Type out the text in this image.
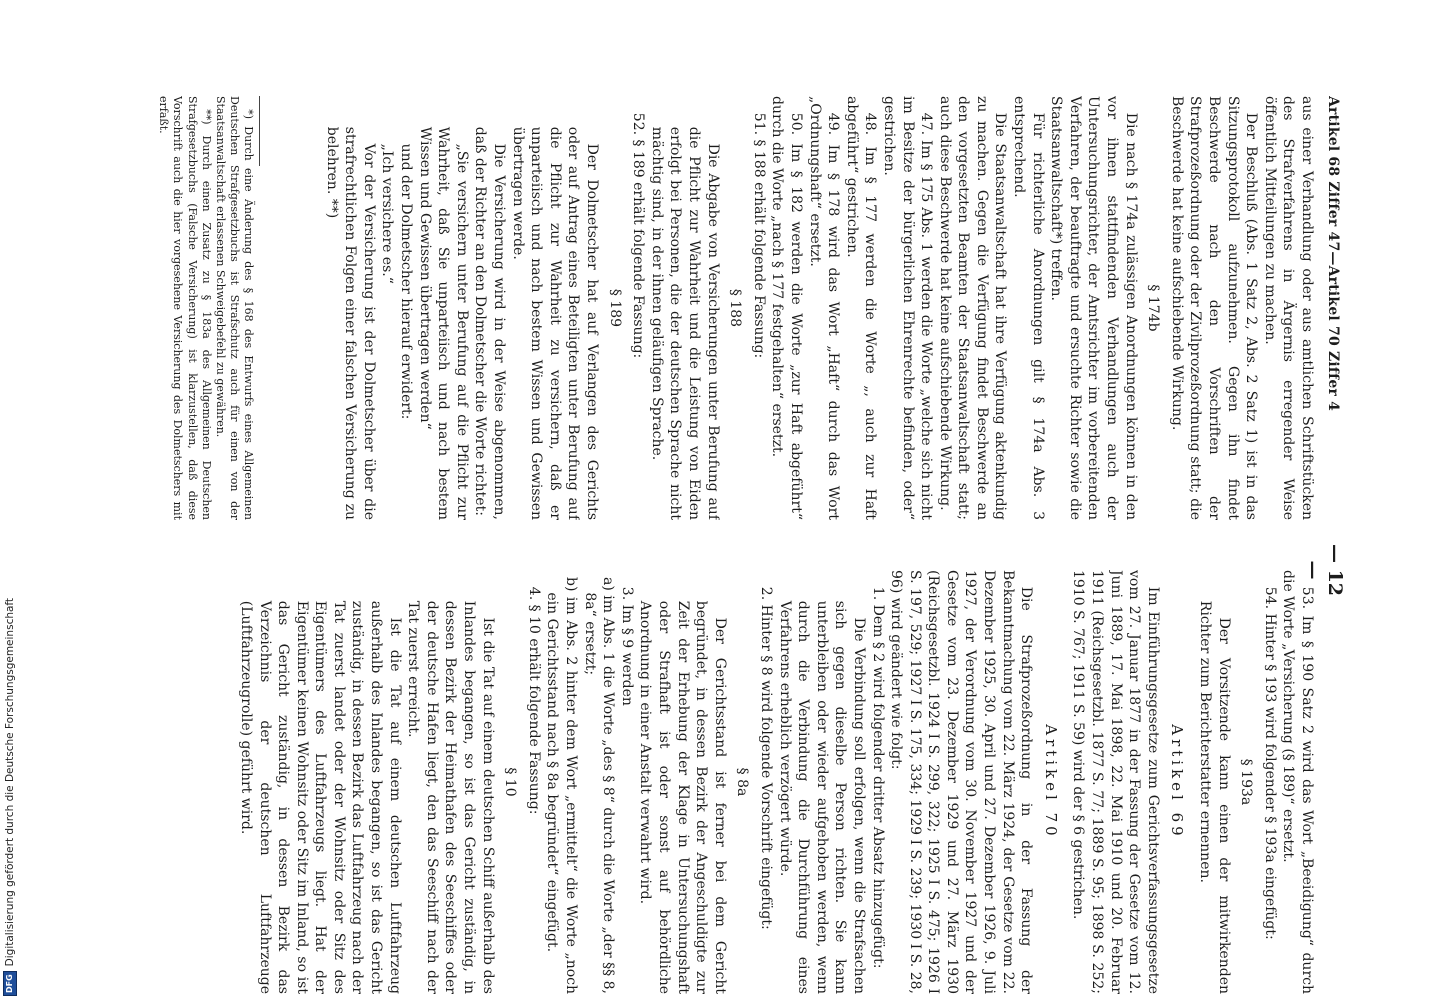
Artikel 68 Ziffer 47—Artikel 70 Ziffer 4
— 12 —

aus einer Verhandlung oder aus amtlichen Schriftstücken des Strafverfahrens in Ärgernis erregender Weise öffentlich Mitteilungen zu machen.

Der Beschluß (Abs. 1 Satz 2, Abs. 2 Satz 1) ist in das Sitzungsprotokoll aufzunehmen. Gegen ihn findet Beschwerde nach den Vorschriften der Strafprozeßordnung oder der Zivilprozeßordnung statt; die Beschwerde hat keine aufschiebende Wirkung.

§ 174b

Die nach § 174a zulässigen Anordnungen können in den vor ihnen stattfindenden Verhandlungen auch der Untersuchungsrichter, der Amtsrichter im vorbereitenden Verfahren, der beauftragte und ersuchte Richter sowie die Staatsanwaltschaft*) treffen.

Für richterliche Anordnungen gilt § 174a Abs. 3 entsprechend.

Die Staatsanwaltschaft hat ihre Verfügung aktenkundig zu machen. Gegen die Verfügung findet Beschwerde an den vorgesetzten Beamten der Staatsanwaltschaft statt; auch diese Beschwerde hat keine aufschiebende Wirkung.

47. Im § 175 Abs. 1 werden die Worte „welche sich nicht im Besitze der bürgerlichen Ehrenrechte befinden, oder“ gestrichen.

48. Im § 177 werden die Worte „, auch zur Haft abgeführt“ gestrichen.

49. Im § 178 wird das Wort „Haft“ durch das Wort „Ordnungshaft“ ersetzt.

50. Im § 182 werden die Worte „zur Haft abgeführt“ durch die Worte „nach § 177 festgehalten“ ersetzt.

51. § 188 erhält folgende Fassung:

§ 188

Die Abgabe von Versicherungen unter Berufung auf die Pflicht zur Wahrheit und die Leistung von Eiden erfolgt bei Personen, die der deutschen Sprache nicht mächtig sind, in der ihnen geläufigen Sprache.

52. § 189 erhält folgende Fassung:

§ 189

Der Dolmetscher hat auf Verlangen des Gerichts oder auf Antrag eines Beteiligten unter Berufung auf die Pflicht zur Wahrheit zu versichern, daß er unparteiisch und nach bestem Wissen und Gewissen übertragen werde.

Die Versicherung wird in der Weise abgenommen, daß der Richter an den Dolmetscher die Worte richtet:

„Sie versichern unter Berufung auf die Pflicht zur Wahrheit, daß Sie unparteiisch und nach bestem Wissen und Gewissen übertragen werden“

und der Dolmetscher hierauf erwidert:

„Ich versichere es.“

Vor der Versicherung ist der Dolmetscher über die strafrechtlichen Folgen einer falschen Versicherung zu belehren. **)

*) Durch eine Änderung des § 168 des Entwurfs eines Allgemeinen Deutschen Strafgesetzbuchs ist Strafschutz auch für einen von der Staatsanwaltschaft erlassenen Schweigebefehl zu gewähren.

**) Durch einen Zusatz zu § 183a des Allgemeinen Deutschen Strafgesetzbuchs (Falsche Versicherung) ist klarzustellen, daß diese Vorschrift auch die hier vorgesehene Versicherung des Dolmetschers mit erfaßt.

53. Im § 190 Satz 2 wird das Wort „Beeidigung“ durch die Worte „Versicherung (§ 189)“ ersetzt.

54. Hinter § 193 wird folgender § 193a eingefügt:

§ 193a

Der Vorsitzende kann einen der mitwirkenden Richter zum Berichterstatter ernennen.

Artikel 69

Im Einführungsgesetze zum Gerichtsverfassungsgesetze vom 27. Januar 1877 in der Fassung der Gesetze vom 12. Juni 1889, 17. Mai 1898, 22. Mai 1910 und 20. Februar 1911 (Reichsgesetzbl. 1877 S. 77; 1889 S. 95; 1898 S. 252; 1910 S. 767; 1911 S. 59) wird der § 6 gestrichen.

Artikel 70

Die Strafprozeßordnung in der Fassung der Bekanntmachung vom 22. März 1924, der Gesetze vom 22. Dezember 1925, 30. April und 27. Dezember 1926, 9. Juli 1927, der Verordnung vom 30. November 1927 und der Gesetze vom 23. Dezember 1929 und 27. März 1930 (Reichsgesetzbl. 1924 I S. 299, 322; 1925 I S. 475; 1926 I S. 197, 529; 1927 I S. 175, 334; 1929 I S. 239; 1930 I S. 28, 96) wird geändert wie folgt:

1. Dem § 2 wird folgender dritter Absatz hinzugefügt:

Die Verbindung soll erfolgen, wenn die Strafsachen sich gegen dieselbe Person richten. Sie kann unterbleiben oder wieder aufgehoben werden, wenn durch die Verbindung die Durchführung eines Verfahrens erheblich verzögert würde.

2. Hinter § 8 wird folgende Vorschrift eingefügt:

§ 8a

Der Gerichtsstand ist ferner bei dem Gericht begründet, in dessen Bezirk der Angeschuldigte zur Zeit der Erhebung der Klage in Untersuchungshaft oder Strafhaft ist oder sonst auf behördliche Anordnung in einer Anstalt verwahrt wird.

3. Im § 9 werden

a) im Abs. 1 die Worte „des § 8“ durch die Worte „der §§ 8, 8a“ ersetzt;

b) im Abs. 2 hinter dem Wort „ermittelt“ die Worte „noch ein Gerichtsstand nach § 8a begründet“ eingefügt.

4. § 10 erhält folgende Fassung:

§ 10

Ist die Tat auf einem deutschen Schiff außerhalb des Inlandes begangen, so ist das Gericht zuständig, in dessen Bezirk der Heimathafen des Seeschiffes oder der deutsche Hafen liegt, den das Seeschiff nach der Tat zuerst erreicht.

Ist die Tat auf einem deutschen Luftfahrzeug außerhalb des Inlandes begangen, so ist das Gericht zuständig, in dessen Bezirk das Luftfahrzeug nach der Tat zuerst landet oder der Wohnsitz oder Sitz des Eigentümers des Luftfahrzeugs liegt. Hat der Eigentümer keinen Wohnsitz oder Sitz im Inland, so ist das Gericht zuständig, in dessen Bezirk das Verzeichnis der deutschen Luftfahrzeuge (Luftfahrzeugrolle) geführt wird.

DFG
Digitalisierung gefördert durch die Deutsche Forschungsgemeinschaft
